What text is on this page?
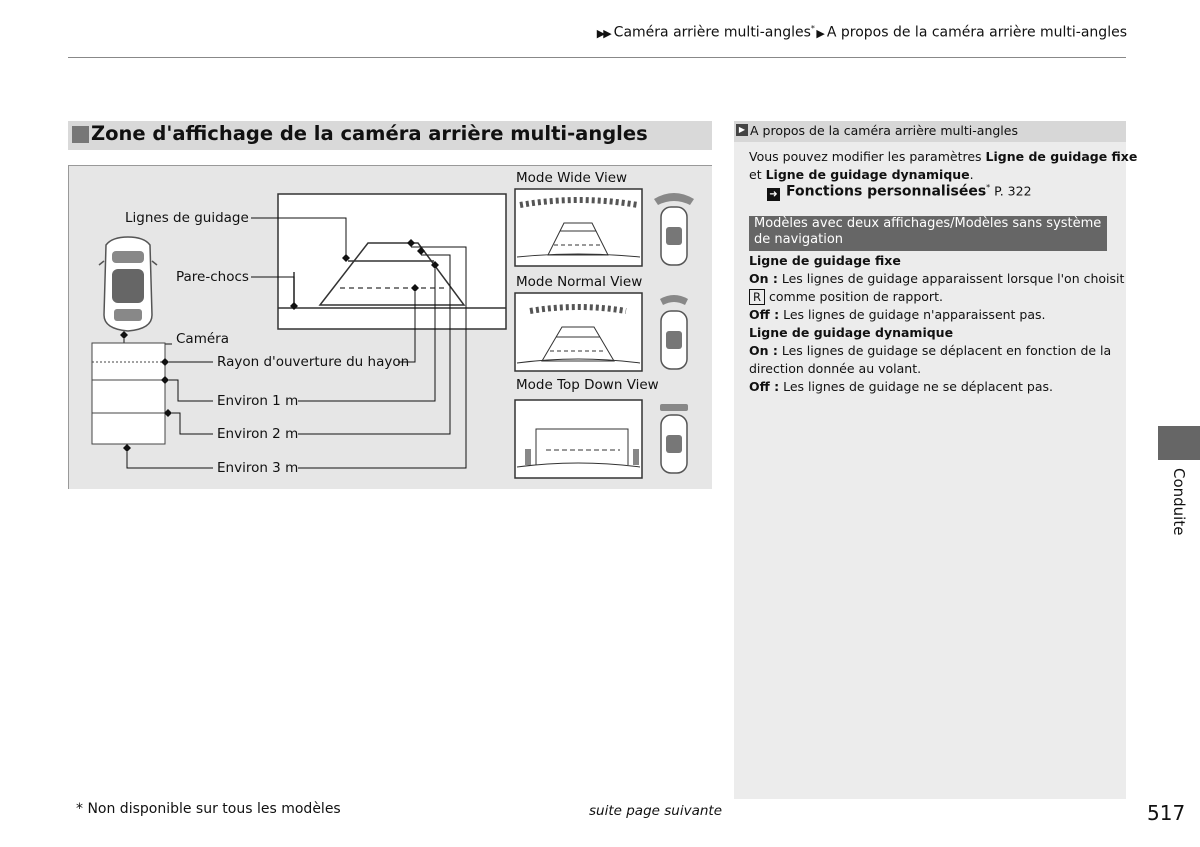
▶▶ Caméra arrière multi-angles* ▶ A propos de la caméra arrière multi-angles
Zone d'affichage de la caméra arrière multi-angles
Lignes de guidage
Pare-chocs
Caméra
Rayon d'ouverture du hayon
Environ 1 m
Environ 2 m
Environ 3 m
Mode Wide View
Mode Normal View
Mode Top Down View
▶ A propos de la caméra arrière multi-angles
Vous pouvez modifier les paramètres Ligne de guidage fixe
et Ligne de guidage dynamique.
➜ Fonctions personnalisées* P. 322
Modèles avec deux affichages/Modèles sans système de navigation
Ligne de guidage fixe
On : Les lignes de guidage apparaissent lorsque l'on choisit
R comme position de rapport.
Off : Les lignes de guidage n'apparaissent pas.
Ligne de guidage dynamique
On : Les lignes de guidage se déplacent en fonction de la
direction donnée au volant.
Off : Les lignes de guidage ne se déplacent pas.
Conduite
* Non disponible sur tous les modèles	suite page suivante	517
